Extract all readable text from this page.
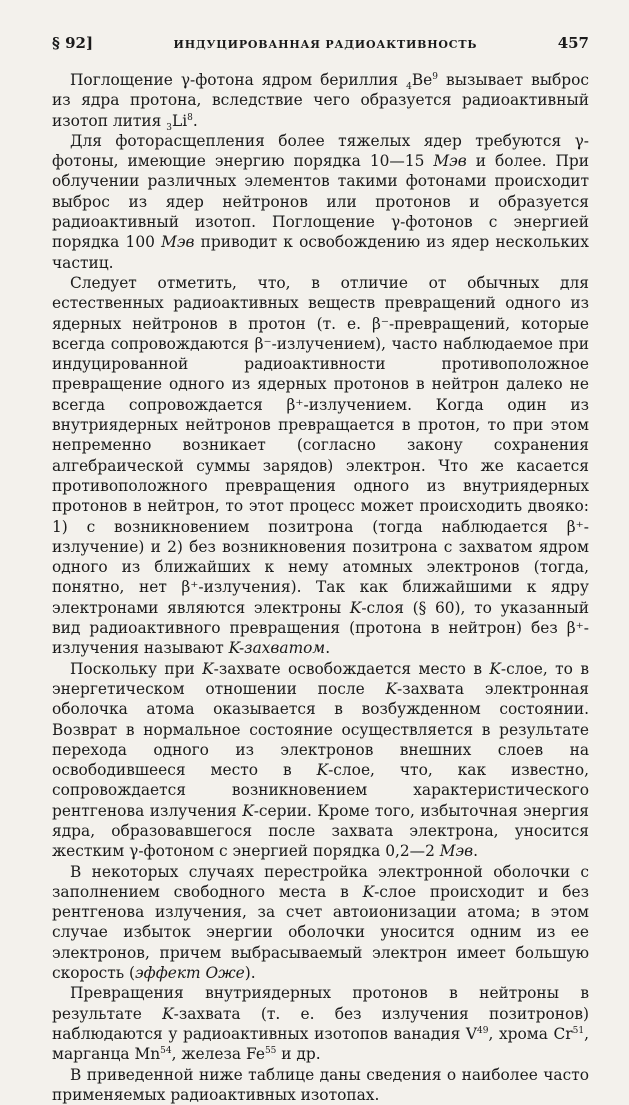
§ 92]	ИНДУЦИРОВАННАЯ РАДИОАКТИВНОСТЬ	457

Поглощение γ-фотона ядром бериллия $_4Be^9$ вызывает выброс из ядра протона, вследствие чего образуется радиоактивный изотоп лития $_3Li^8$.

Для фоторасщепления более тяжелых ядер требуются γ-фотоны, имеющие энергию порядка 10—15 Мэв и более. При облучении различных элементов такими фотонами происходит выброс из ядер нейтронов или протонов и образуется радиоактивный изотоп. Поглощение γ-фотонов с энергией порядка 100 Мэв приводит к освобождению из ядер нескольких частиц.

Следует отметить, что, в отличие от обычных для естественных радиоактивных веществ превращений одного из ядерных нейтронов в протон (т. е. β⁻-превращений, которые всегда сопровождаются β⁻-излучением), часто наблюдаемое при индуцированной радиоактивности противоположное превращение одного из ядерных протонов в нейтрон далеко не всегда сопровождается β⁺-излучением. Когда один из внутриядерных нейтронов превращается в протон, то при этом непременно возникает (согласно закону сохранения алгебраической суммы зарядов) электрон. Что же касается противоположного превращения одного из внутриядерных протонов в нейтрон, то этот процесс может происходить двояко: 1) с возникновением позитрона (тогда наблюдается β⁺-излучение) и 2) без возникновения позитрона с захватом ядром одного из ближайших к нему атомных электронов (тогда, понятно, нет β⁺-излучения). Так как ближайшими к ядру электронами являются электроны K-слоя (§ 60), то указанный вид радиоактивного превращения (протона в нейтрон) без β⁺-излучения называют K-захватом.

Поскольку при K-захвате освобождается место в K-слое, то в энергетическом отношении после K-захвата электронная оболочка атома оказывается в возбужденном состоянии. Возврат в нормальное состояние осуществляется в результате перехода одного из электронов внешних слоев на освободившееся место в K-слое, что, как известно, сопровождается возникновением характеристического рентгенова излучения K-серии. Кроме того, избыточная энергия ядра, образовавшегося после захвата электрона, уносится жестким γ-фотоном с энергией порядка 0,2—2 Мэв.

В некоторых случаях перестройка электронной оболочки с заполнением свободного места в K-слое происходит и без рентгенова излучения, за счет автоионизации атома; в этом случае избыток энергии оболочки уносится одним из ее электронов, причем выбрасываемый электрон имеет большую скорость (эффект Оже).

Превращения внутриядерных протонов в нейтроны в результате K-захвата (т. е. без излучения позитронов) наблюдаются у радиоактивных изотопов ванадия $V^{49}$, хрома Cr$^{51}$, марганца Mn$^{54}$, железа Fe$^{55}$ и др.

В приведенной ниже таблице даны сведения о наиболее часто применяемых радиоактивных изотопах.
